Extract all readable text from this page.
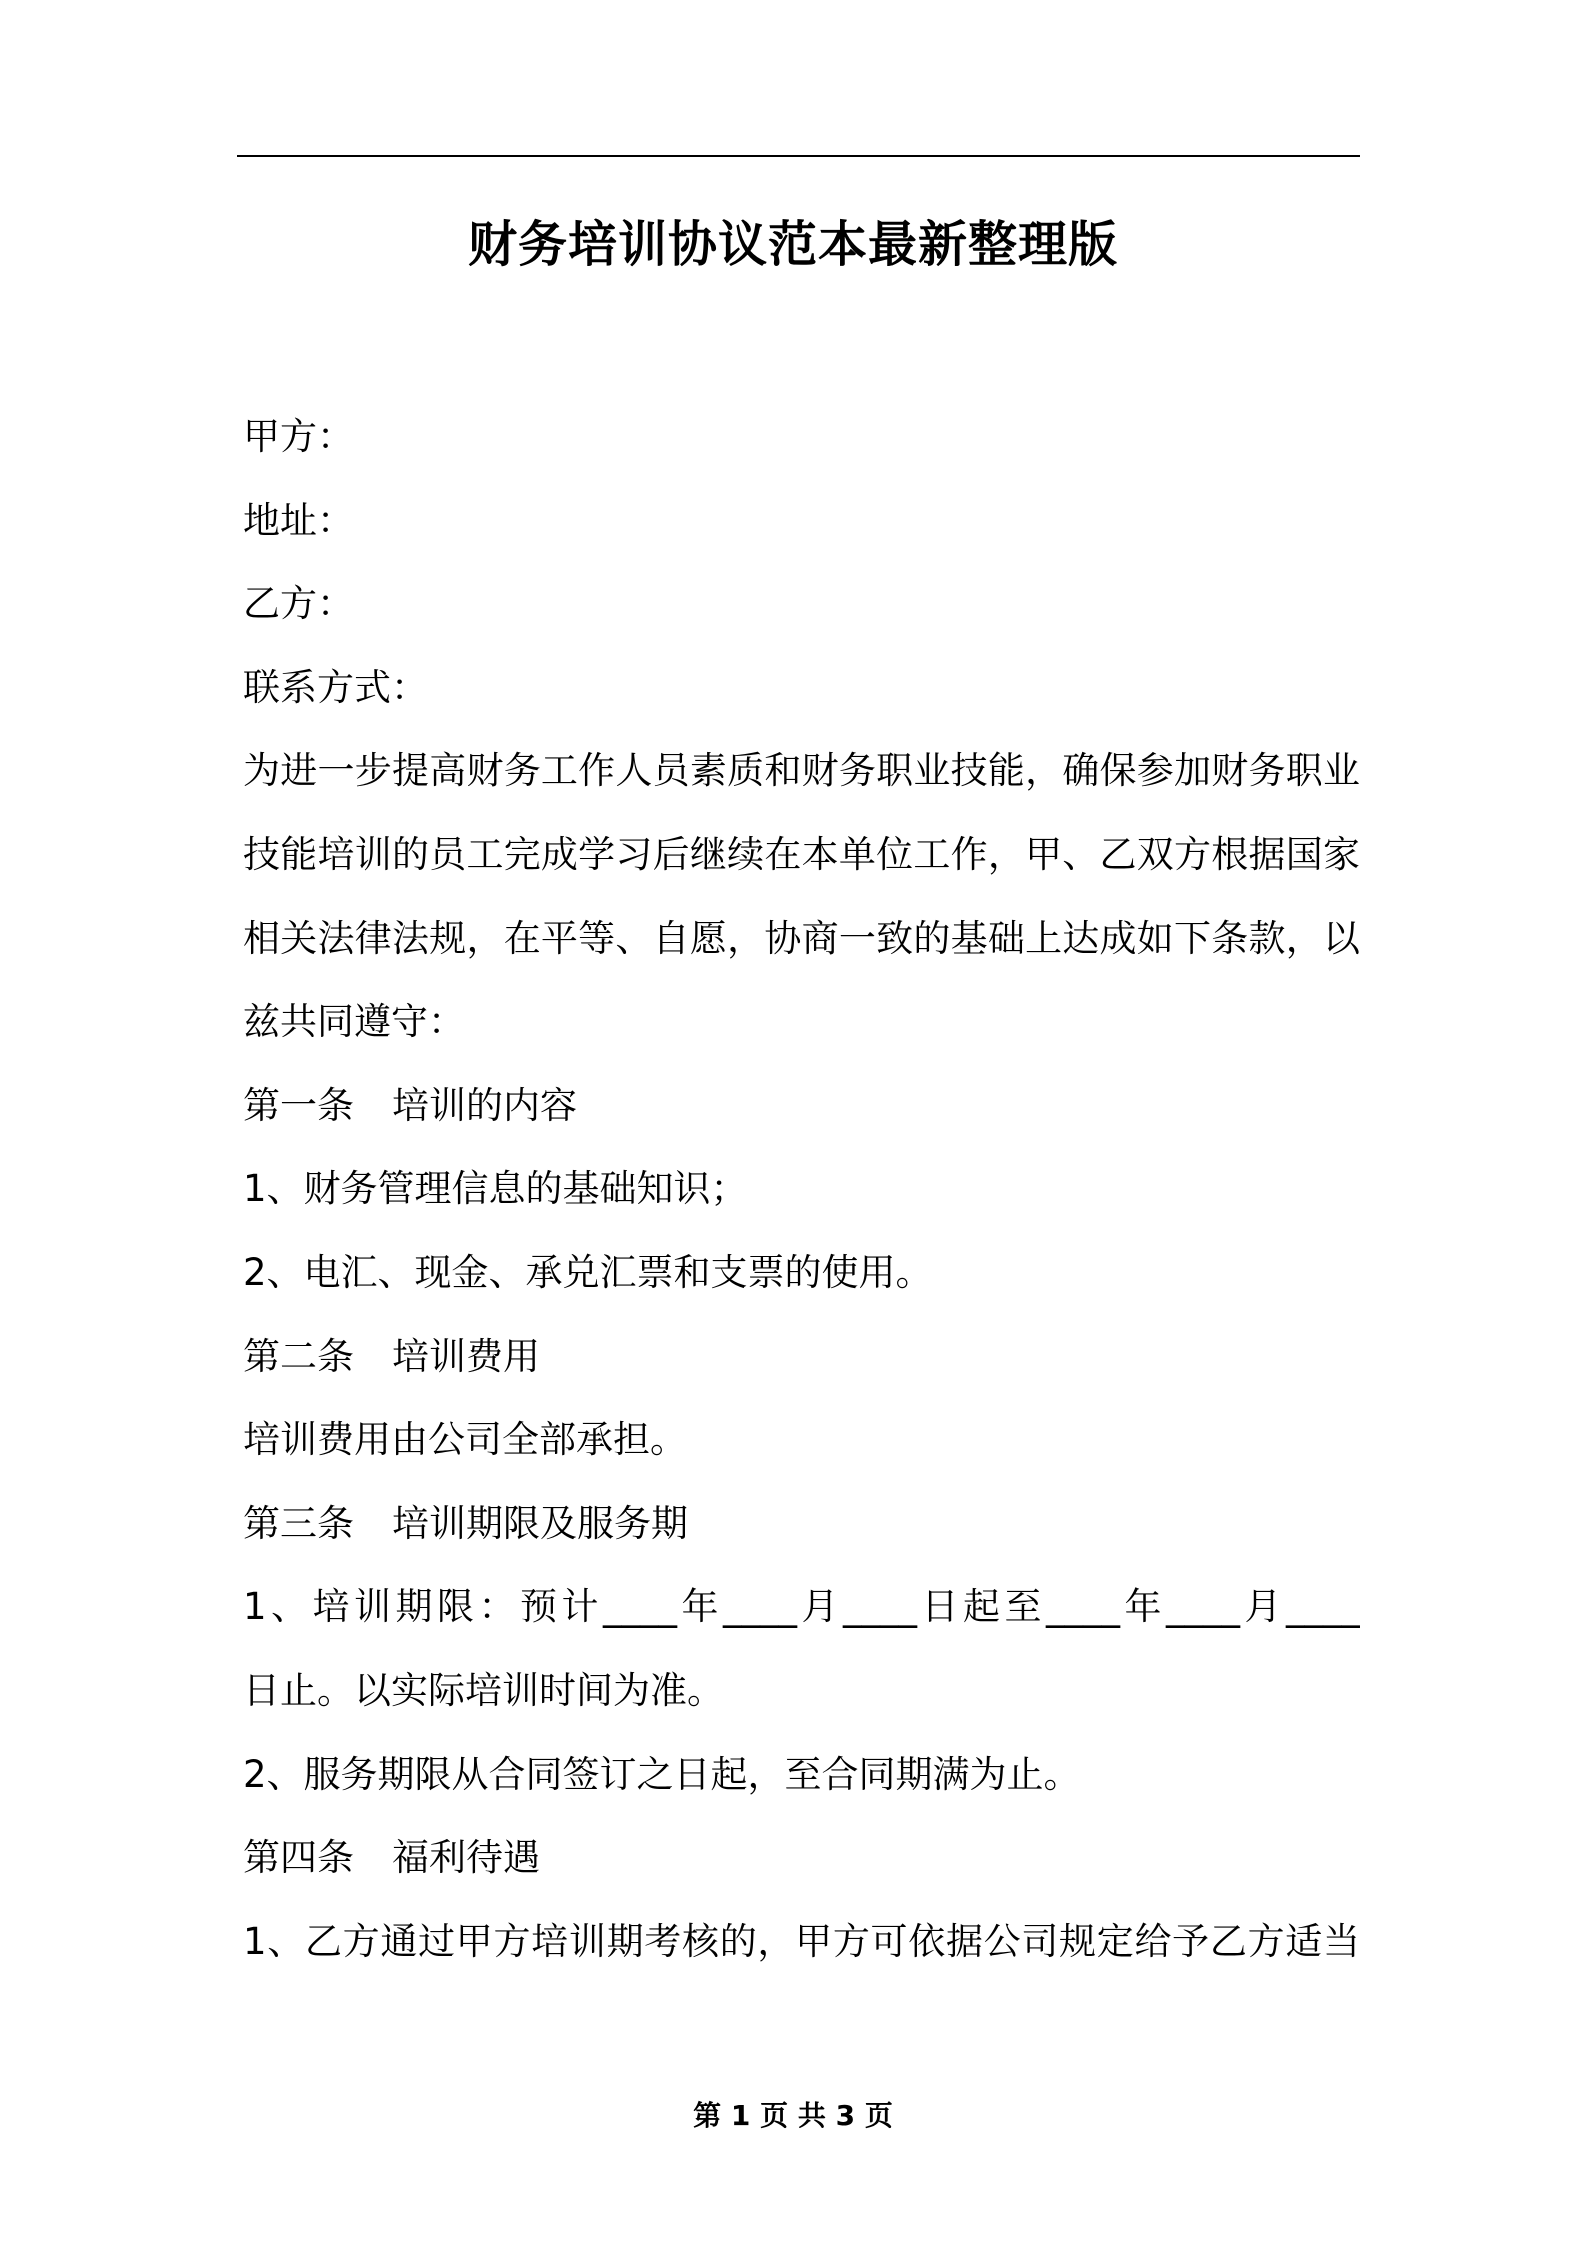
财务培训协议范本最新整理版
甲方：
地址：
乙方：
联系方式：
为进一步提高财务工作人员素质和财务职业技能，确保参加财务职业
技能培训的员工完成学习后继续在本单位工作，甲、乙双方根据国家
相关法律法规，在平等、自愿，协商一致的基础上达成如下条款，以
兹共同遵守：
第一条 培训的内容
1、财务管理信息的基础知识；
2、电汇、现金、承兑汇票和支票的使用。
第二条 培训费用
培训费用由公司全部承担。
第三条 培训期限及服务期
1、培训期限：预计____年____月____日起至____年____月____
日止。以实际培训时间为准。
2、服务期限从合同签订之日起，至合同期满为止。
第四条 福利待遇
1、乙方通过甲方培训期考核的，甲方可依据公司规定给予乙方适当
第 1 页 共 3 页
